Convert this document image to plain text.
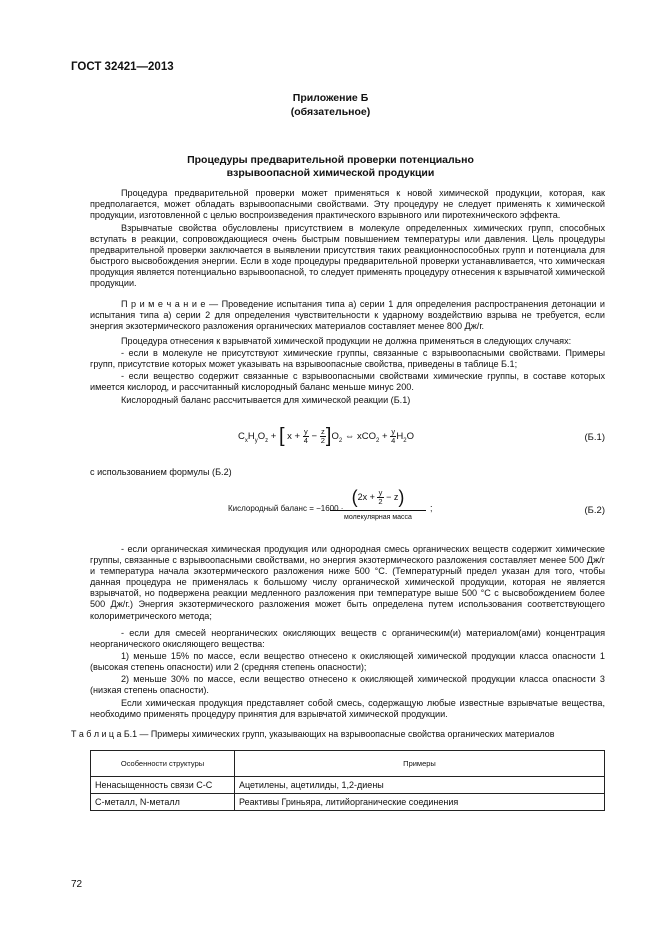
ГОСТ 32421—2013
Приложение Б
(обязательное)
Процедуры предварительной проверки потенциально
взрывоопасной химической продукции
Процедура предварительной проверки может применяться к новой химической продукции, которая, как предполагается, может обладать взрывоопасными свойствами. Эту процедуру не следует применять к химической продукции, изготовленной с целью воспроизведения практического взрывного или пиротехнического эффекта.
Взрывчатые свойства обусловлены присутствием в молекуле определенных химических групп, способных вступать в реакции, сопровождающиеся очень быстрым повышением температуры или давления. Цель процедуры предварительной проверки заключается в выявлении присутствия таких реакционноспособных групп и потенциала для быстрого высвобождения энергии. Если в ходе процедуры предварительной проверки устанавливается, что химическая продукция является потенциально взрывоопасной, то следует применять процедуру отнесения к взрывчатой химической продукции.
П р и м е ч а н и е — Проведение испытания типа а) серии 1 для определения распространения детонации и испытания типа а) серии 2 для определения чувствительности к ударному воздействию взрыва не требуется, если энергия экзотермического разложения органических материалов составляет менее 800 Дж/г.
Процедура отнесения к взрывчатой химической продукции не должна применяться в следующих случаях:
- если в молекуле не присутствуют химические группы, связанные с взрывоопасными свойствами. Примеры групп, присутствие которых может указывать на взрывоопасные свойства, приведены в таблице Б.1;
- если вещество содержит связанные с взрывоопасными свойствами химические группы, в составе которых имеется кислород, и рассчитанный кислородный баланс меньше минус 200.
Кислородный баланс рассчитывается для химической реакции (Б.1)
$C_xH_yO_z$ + [ $x + \frac{y}{4} - \frac{z}{2} ]O_2$ ⇔ $xCO_2 + \frac{y}{4} H_2O$	(Б.1)
с использованием формулы (Б.2)
Кислородный баланс = −1600 ·
$(2x + \frac{y}{2} - z)$
молекулярная масса
;	(Б.2)
- если органическая химическая продукция или однородная смесь органических веществ содержит химические группы, связанные с взрывоопасными свойствами, но энергия экзотермического разложения составляет менее 500 Дж/г и температура начала экзотермического разложения ниже 500 °С. (Температурный предел указан для того, чтобы данная процедура не применялась к большому числу органической химической продукции, которая не является взрывчатой, но подвержена реакции медленного разложения при температуре выше 500 °С с высвобождением более 500 Дж/г.) Энергия экзотермического разложения может быть определена путем использования соответствующего колориметрического метода;
- если для смесей неорганических окисляющих веществ с органическим(и) материалом(ами) концентрация неорганического окисляющего вещества:
1) меньше 15% по массе, если вещество отнесено к окисляющей химической продукции класса опасности 1 (высокая степень опасности) или 2 (средняя степень опасности);
2) меньше 30% по массе, если вещество отнесено к окисляющей химической продукции класса опасности 3 (низкая степень опасности).
Если химическая продукция представляет собой смесь, содержащую любые известные взрывчатые вещества, необходимо применять процедуру принятия для взрывчатой химической продукции.
Т а б л и ц а Б.1 — Примеры химических групп, указывающих на взрывоопасные свойства органических материалов
Особенности структуры	Примеры
Ненасыщенность связи С-С	Ацетилены, ацетилиды, 1,2-диены
С-металл, N-металл	Реактивы Гриньяра, литийорганические соединения
72
